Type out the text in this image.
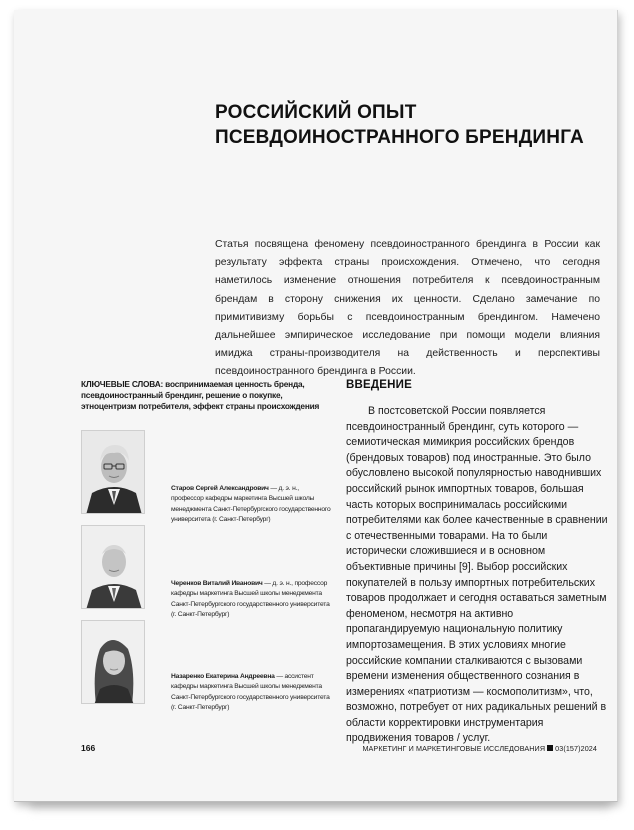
РОССИЙСКИЙ ОПЫТ ПСЕВДОИНОСТРАННОГО БРЕНДИНГА

Статья посвящена феномену псевдоиностранного брендинга в России как результату эффекта страны происхождения. Отмечено, что сегодня наметилось изменение отношения потребителя к псевдоиностранным брендам в сторону снижения их ценности. Сделано замечание по примитивизму борьбы с псевдоиностранным брендингом. Намечено дальнейшее эмпирическое исследование при помощи модели влияния имиджа страны-производителя на действенность и перспективы псевдоиностранного брендинга в России.

КЛЮЧЕВЫЕ СЛОВА: воспринимаемая ценность бренда, псевдоиностранный брендинг, решение о покупке, этноцентризм потребителя, эффект страны происхождения

Старов Сергей Александрович — д. э. н., профессор кафедры маркетинга Высшей школы менеджмента Санкт-Петербургского государственного университета (г. Санкт-Петербург)

Черенков Виталий Иванович — д. э. н., профессор кафедры маркетинга Высшей школы менеджмента Санкт-Петербургского государственного университета (г. Санкт-Петербург)

Назаренко Екатерина Андреевна — ассистент кафедры маркетинга Высшей школы менеджмента Санкт-Петербургского государственного университета (г. Санкт-Петербург)

ВВЕДЕНИЕ

В постсоветской России появляется псевдоиностранный брендинг, суть которого — семиотическая мимикрия российских брендов (брендовых товаров) под иностранные. Это было обусловлено высокой популярностью наводнивших российский рынок импортных товаров, большая часть которых воспринималась российскими потребителями как более качественные в сравнении с отечественными товарами. На то были исторически сложившиеся и в основном объективные причины [9]. Выбор российских покупателей в пользу импортных потребительских товаров продолжает и сегодня оставаться заметным феноменом, несмотря на активно пропагандируемую национальную политику импортозамещения. В этих условиях многие российские компании сталкиваются с вызовами времени изменения общественного сознания в измерениях «патриотизм — космополитизм», что, возможно, потребует от них радикальных решений в области корректировки инструментария продвижения товаров / услуг.

166	МАРКЕТИНГ И МАРКЕТИНГОВЫЕ ИССЛЕДОВАНИЯ 03(157)2024
